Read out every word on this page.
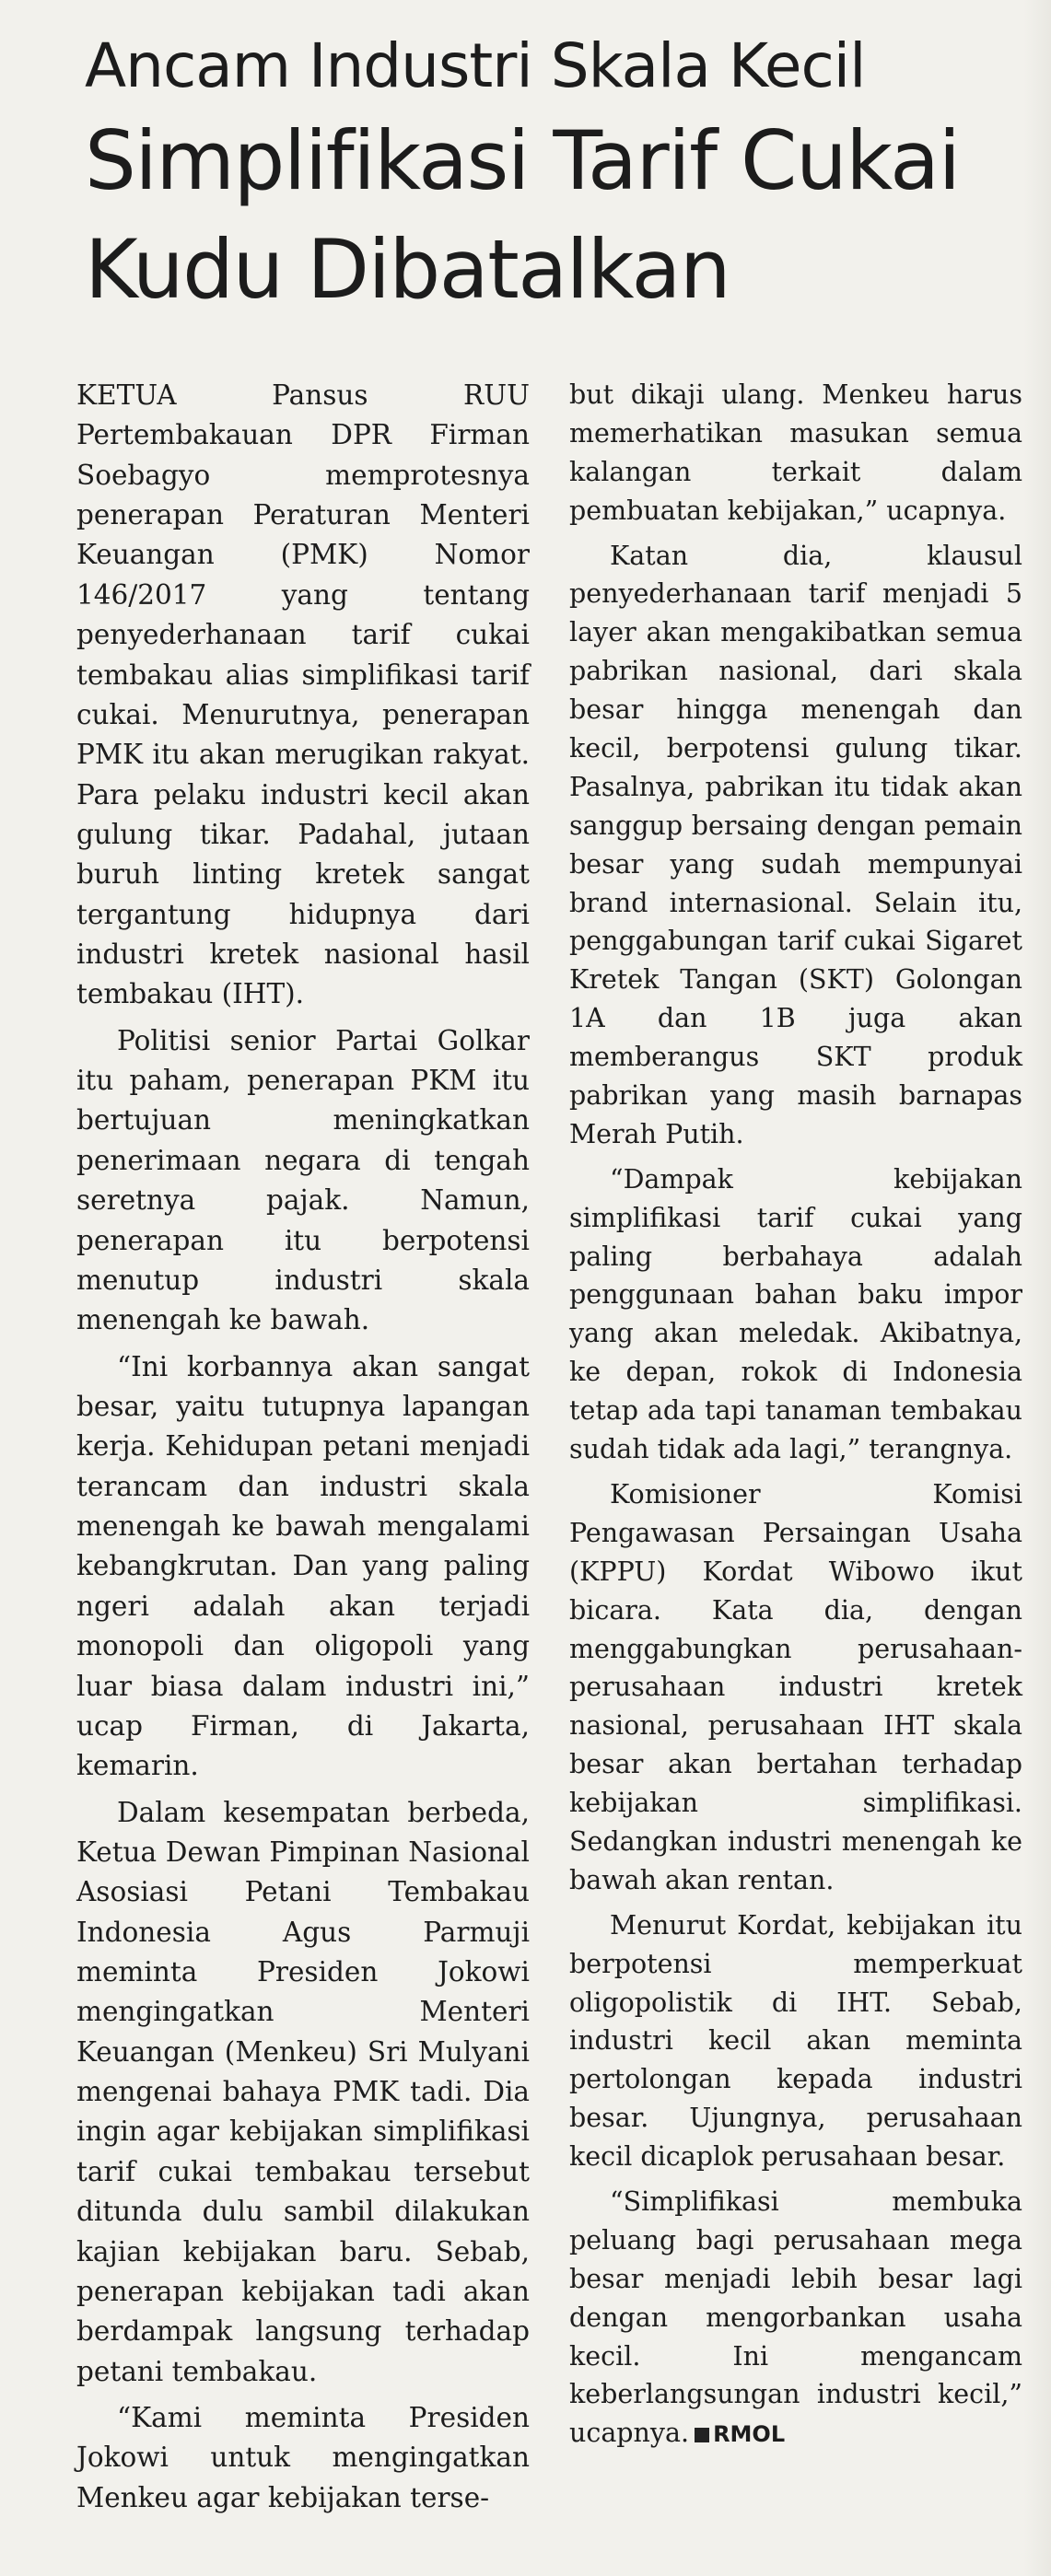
Ancam Industri Skala Kecil
Simplifikasi Tarif Cukai
Kudu Dibatalkan

KETUA Pansus RUU Pertembakauan DPR Firman Soebagyo memprotesnya penerapan Peraturan Menteri Keuangan (PMK) Nomor 146/2017 yang tentang penyederhanaan tarif cukai tembakau alias simplifikasi tarif cukai. Menurutnya, penerapan PMK itu akan merugikan rakyat. Para pelaku industri kecil akan gulung tikar. Padahal, jutaan buruh linting kretek sangat tergantung hidupnya dari industri kretek nasional hasil tembakau (IHT).

Politisi senior Partai Golkar itu paham, penerapan PKM itu bertujuan meningkatkan penerimaan negara di tengah seretnya pajak. Namun, penerapan itu berpotensi menutup industri skala menengah ke bawah.

“Ini korbannya akan sangat besar, yaitu tutupnya lapangan kerja. Kehidupan petani menjadi terancam dan industri skala menengah ke bawah mengalami kebangkrutan. Dan yang paling ngeri adalah akan terjadi monopoli dan oligopoli yang luar biasa dalam industri ini,” ucap Firman, di Jakarta, kemarin.

Dalam kesempatan berbeda, Ketua Dewan Pimpinan Nasional Asosiasi Petani Tembakau Indonesia Agus Parmuji meminta Presiden Jokowi mengingatkan Menteri Keuangan (Menkeu) Sri Mulyani mengenai bahaya PMK tadi. Dia ingin agar kebijakan simplifikasi tarif cukai tembakau tersebut ditunda dulu sambil dilakukan kajian kebijakan baru. Sebab, penerapan kebijakan tadi akan berdampak langsung terhadap petani tembakau.

“Kami meminta Presiden Jokowi untuk mengingatkan Menkeu agar kebijakan terse-

but dikaji ulang. Menkeu harus memerhatikan masukan semua kalangan terkait dalam pembuatan kebijakan,” ucapnya.

Katan dia, klausul penyederhanaan tarif menjadi 5 layer akan mengakibatkan semua pabrikan nasional, dari skala besar hingga menengah dan kecil, berpotensi gulung tikar. Pasalnya, pabrikan itu tidak akan sanggup bersaing dengan pemain besar yang sudah mempunyai brand internasional. Selain itu, penggabungan tarif cukai Sigaret Kretek Tangan (SKT) Golongan 1A dan 1B juga akan memberangus SKT produk pabrikan yang masih barnapas Merah Putih.

“Dampak kebijakan simplifikasi tarif cukai yang paling berbahaya adalah penggunaan bahan baku impor yang akan meledak. Akibatnya, ke depan, rokok di Indonesia tetap ada tapi tanaman tembakau sudah tidak ada lagi,” terangnya.

Komisioner Komisi Pengawasan Persaingan Usaha (KPPU) Kordat Wibowo ikut bicara. Kata dia, dengan menggabungkan perusahaan-perusahaan industri kretek nasional, perusahaan IHT skala besar akan bertahan terhadap kebijakan simplifikasi. Sedangkan industri menengah ke bawah akan rentan.

Menurut Kordat, kebijakan itu berpotensi memperkuat oligopolistik di IHT. Sebab, industri kecil akan meminta pertolongan kepada industri besar. Ujungnya, perusahaan kecil dicaplok perusahaan besar.

“Simplifikasi membuka peluang bagi perusahaan mega besar menjadi lebih besar lagi dengan mengorbankan usaha kecil. Ini mengancam keberlangsungan industri kecil,” ucapnya. RMOL
